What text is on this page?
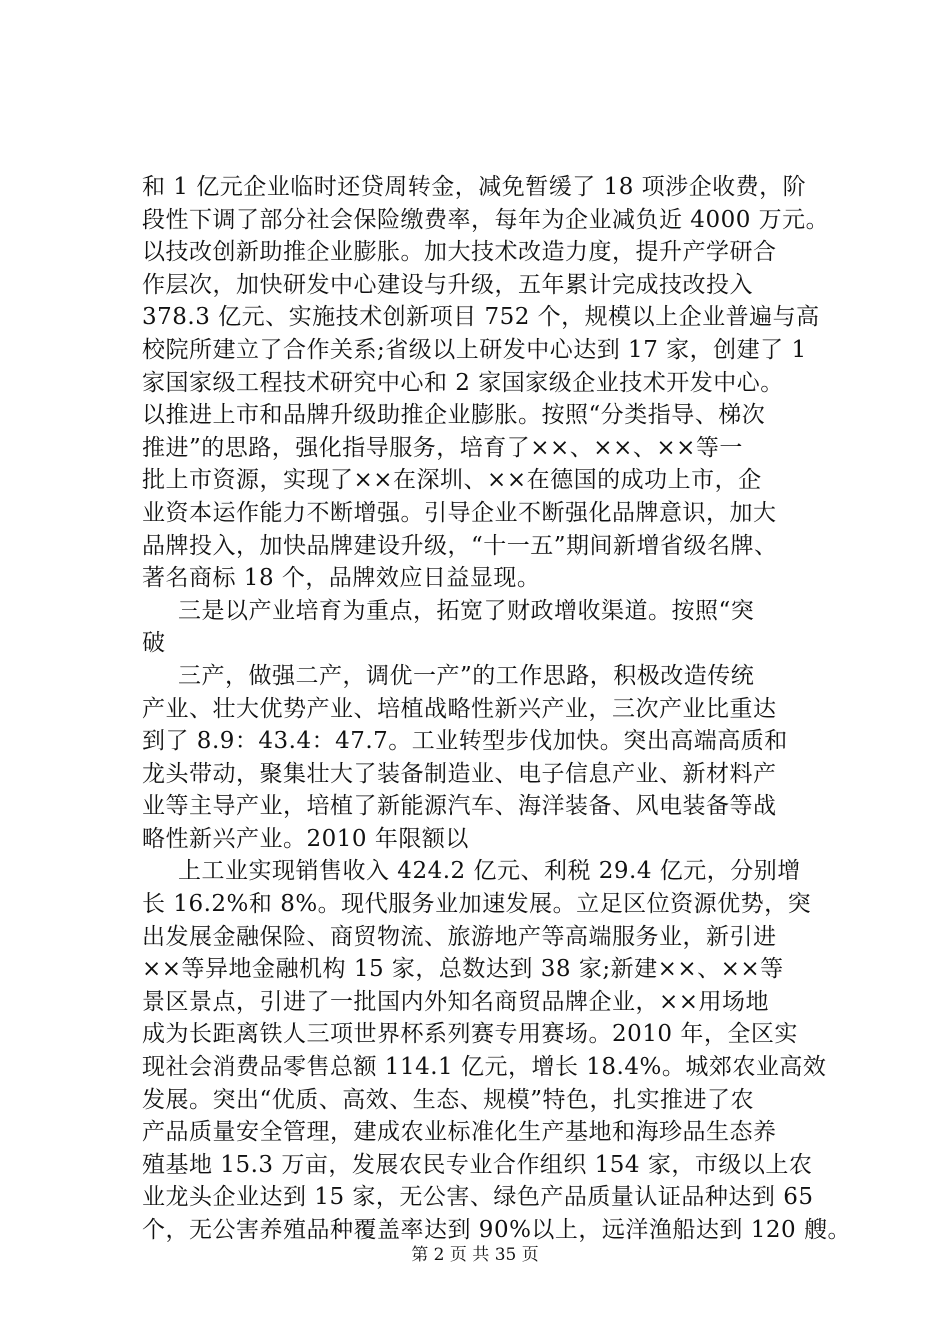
和 1 亿元企业临时还贷周转金，减免暂缓了 18 项涉企收费，阶
段性下调了部分社会保险缴费率，每年为企业减负近 4000 万元。
以技改创新助推企业膨胀。加大技术改造力度，提升产学研合
作层次，加快研发中心建设与升级，五年累计完成技改投入
378.3 亿元、实施技术创新项目 752 个，规模以上企业普遍与高
校院所建立了合作关系;省级以上研发中心达到 17 家，创建了 1
家国家级工程技术研究中心和 2 家国家级企业技术开发中心。
以推进上市和品牌升级助推企业膨胀。按照“分类指导、梯次
推进”的思路，强化指导服务，培育了××、××、××等一
批上市资源，实现了××在深圳、××在德国的成功上市，企
业资本运作能力不断增强。引导企业不断强化品牌意识，加大
品牌投入，加快品牌建设升级，“十一五”期间新增省级名牌、
著名商标 18 个，品牌效应日益显现。
三是以产业培育为重点，拓宽了财政增收渠道。按照“突
破
三产，做强二产，调优一产”的工作思路，积极改造传统
产业、壮大优势产业、培植战略性新兴产业，三次产业比重达
到了 8.9：43.4：47.7。工业转型步伐加快。突出高端高质和
龙头带动，聚集壮大了装备制造业、电子信息产业、新材料产
业等主导产业，培植了新能源汽车、海洋装备、风电装备等战
略性新兴产业。2010 年限额以
上工业实现销售收入 424.2 亿元、利税 29.4 亿元，分别增
长 16.2%和 8%。现代服务业加速发展。立足区位资源优势，突
出发展金融保险、商贸物流、旅游地产等高端服务业，新引进
××等异地金融机构 15 家，总数达到 38 家;新建××、××等
景区景点，引进了一批国内外知名商贸品牌企业，××用场地
成为长距离铁人三项世界杯系列赛专用赛场。2010 年，全区实
现社会消费品零售总额 114.1 亿元，增长 18.4%。城郊农业高效
发展。突出“优质、高效、生态、规模”特色，扎实推进了农
产品质量安全管理，建成农业标准化生产基地和海珍品生态养
殖基地 15.3 万亩，发展农民专业合作组织 154 家，市级以上农
业龙头企业达到 15 家，无公害、绿色产品质量认证品种达到 65
个，无公害养殖品种覆盖率达到 90%以上，远洋渔船达到 120 艘。
第 2 页 共 35 页
